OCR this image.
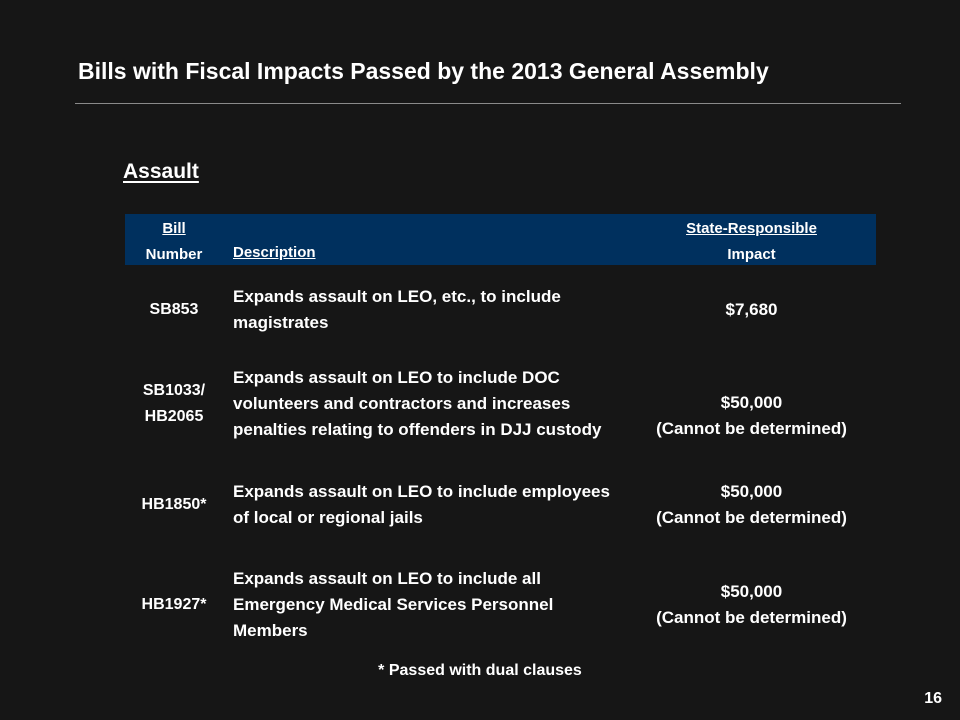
Bills with Fiscal Impacts Passed by the 2013 General Assembly
Assault
Bill
Number	Description
State-Responsible
Impact
SB853
Expands assault on LEO, etc., to include magistrates
$7,680
SB1033/
HB2065
Expands assault on LEO to include DOC volunteers and contractors and increases penalties relating to offenders in DJJ custody
$50,000
(Cannot be determined)
HB1850*
Expands assault on LEO to include employees of local or regional jails
$50,000
(Cannot be determined)
HB1927*
Expands assault on LEO to include all Emergency Medical Services Personnel Members
$50,000
(Cannot be determined)
* Passed with dual clauses
16
